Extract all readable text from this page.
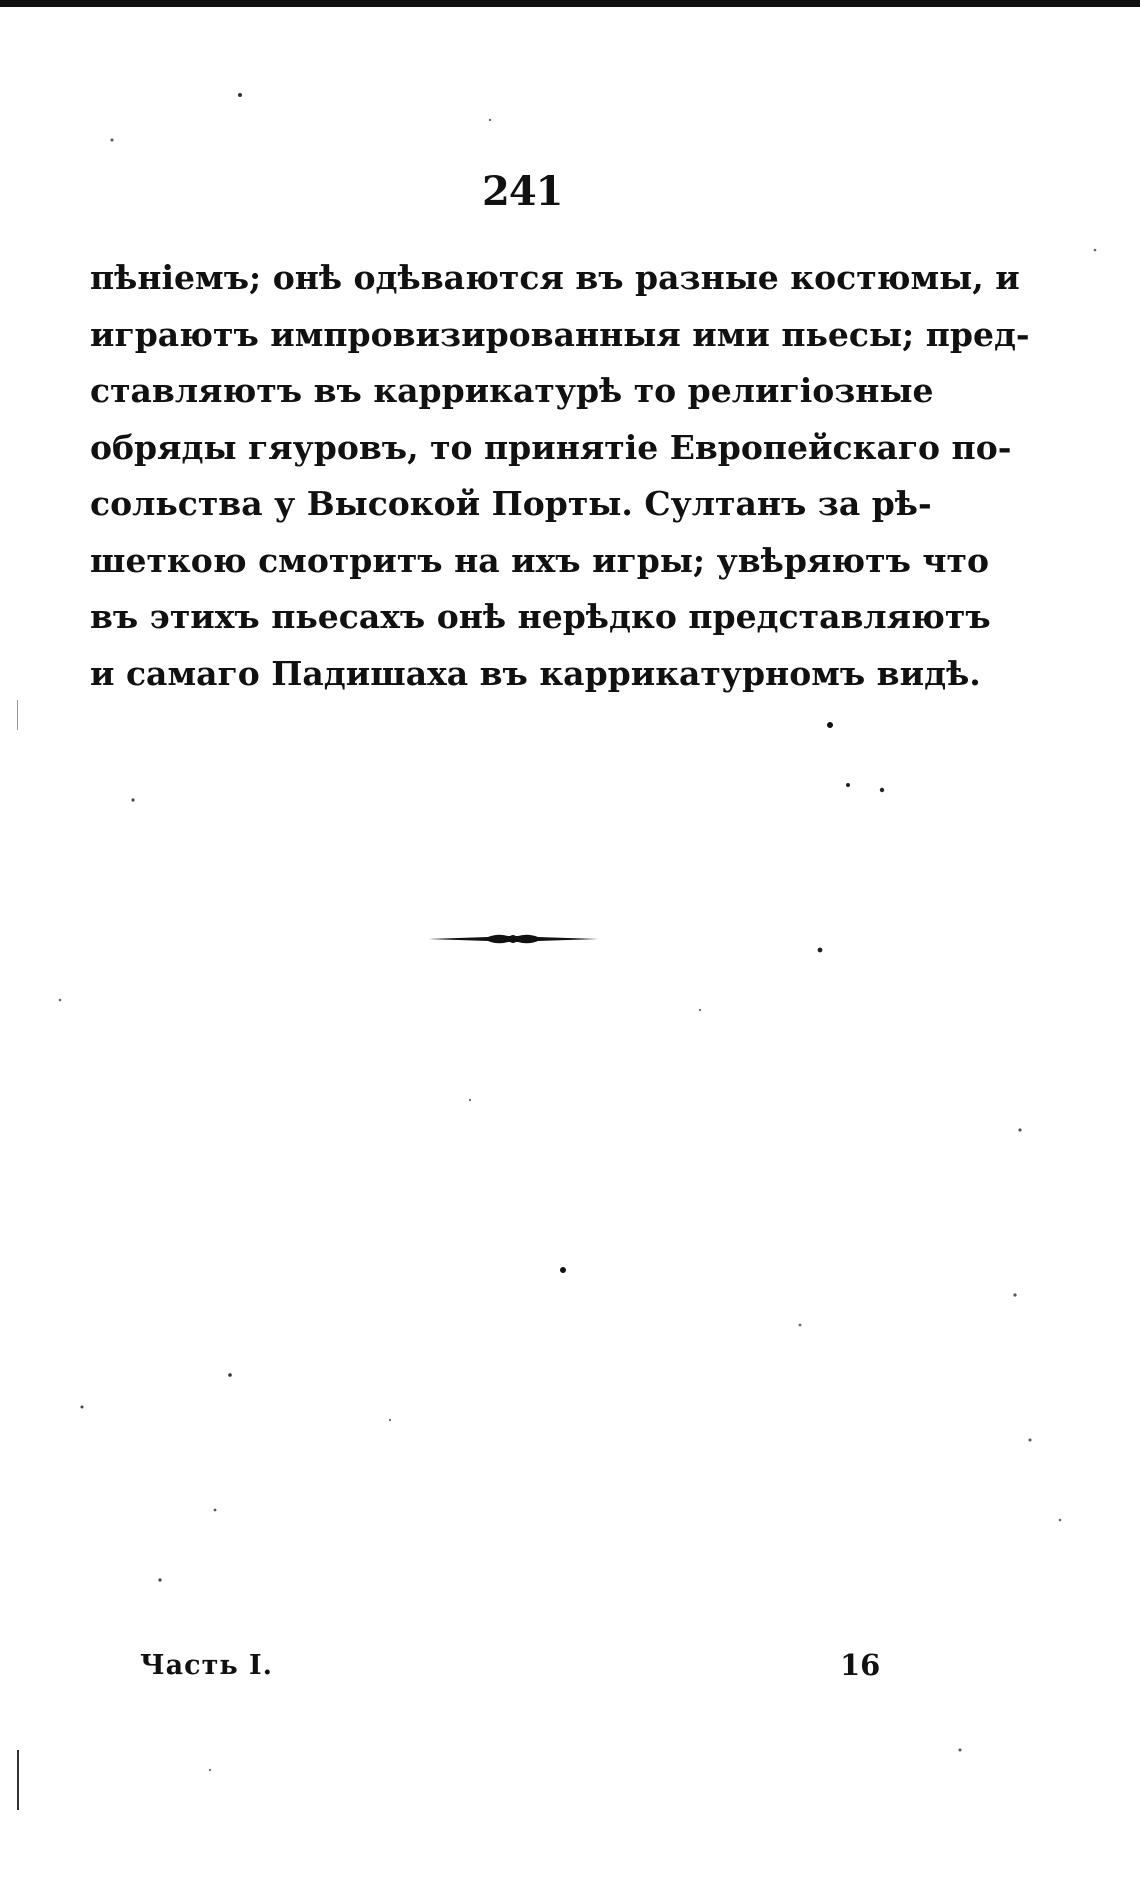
241
пѣніемъ; онѣ одѣваются въ разные костюмы, и
играютъ импровизированныя ими пьесы; пред-
ставляютъ въ каррикатурѣ то религіозные
обряды гяуровъ, то принятіе Европейскаго по-
сольства у Высокой Порты. Султанъ за рѣ-
шеткою смотритъ на ихъ игры; увѣряютъ что
въ этихъ пьесахъ онѣ нерѣдко представляютъ
и самаго Падишаха въ каррикатурномъ видѣ.
Часть I.	16
